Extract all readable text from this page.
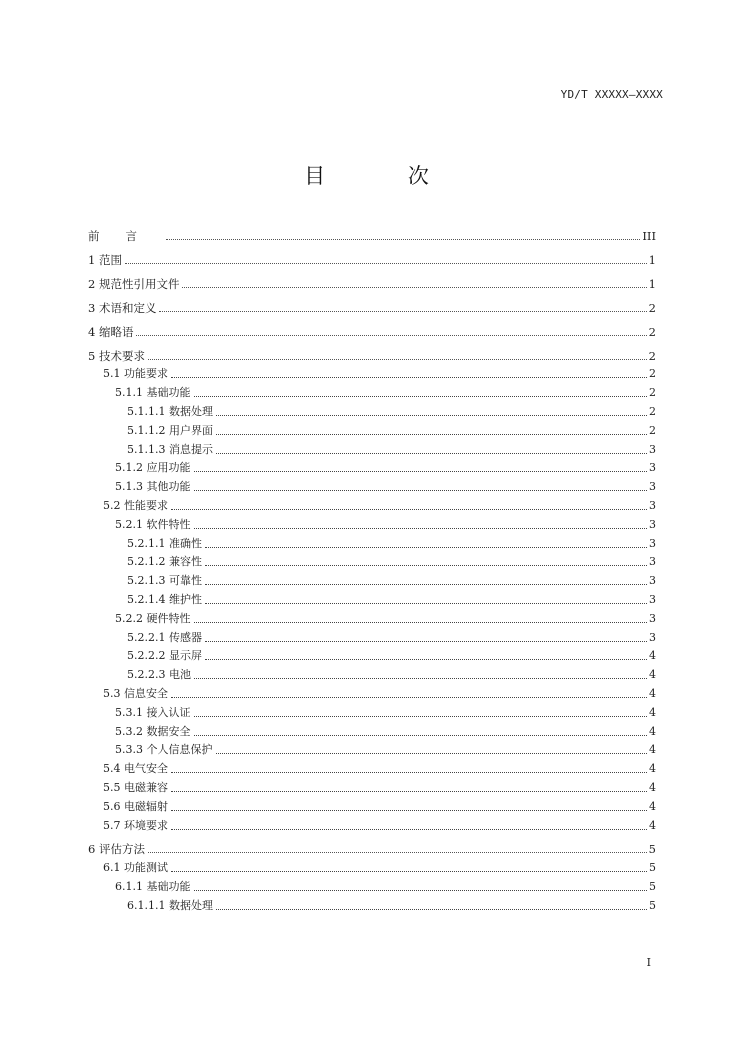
YD/T XXXXX—XXXX
目 次
前言	III
1 范围	1
2 规范性引用文件	1
3 术语和定义	2
4 缩略语	2
5 技术要求	2
5.1 功能要求	2
5.1.1 基础功能	2
5.1.1.1 数据处理	2
5.1.1.2 用户界面	2
5.1.1.3 消息提示	3
5.1.2 应用功能	3
5.1.3 其他功能	3
5.2 性能要求	3
5.2.1 软件特性	3
5.2.1.1 准确性	3
5.2.1.2 兼容性	3
5.2.1.3 可靠性	3
5.2.1.4 维护性	3
5.2.2 硬件特性	3
5.2.2.1 传感器	3
5.2.2.2 显示屏	4
5.2.2.3 电池	4
5.3 信息安全	4
5.3.1 接入认证	4
5.3.2 数据安全	4
5.3.3 个人信息保护	4
5.4 电气安全	4
5.5 电磁兼容	4
5.6 电磁辐射	4
5.7 环境要求	4
6 评估方法	5
6.1 功能测试	5
6.1.1 基础功能	5
6.1.1.1 数据处理	5
I
